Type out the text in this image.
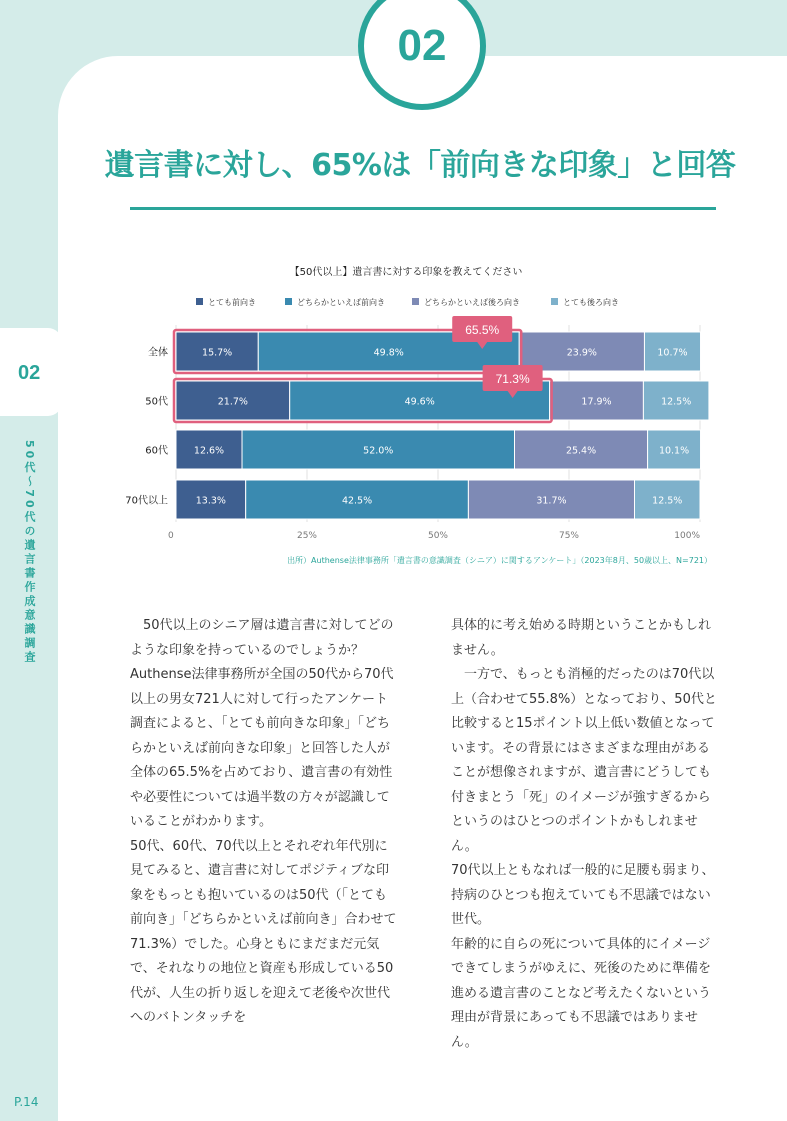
02
50代〜70代の遺言書作成意識調査
P.14
02
遺言書に対し、65%は「前向きな印象」と回答
【50代以上】遺言書に対する印象を教えてください
とても前向き	どちらかといえば前向き	どちらかといえば後ろ向き	とても後ろ向き
全体	15.7%	49.8%	23.9%	10.7%
50代	21.7%	49.6%	17.9%	12.5%
60代	12.6%	52.0%	25.4%	10.1%
70代以上	13.3%	42.5%	31.7%	12.5%
65.5%
71.3%
0	25%	50%	75%	100%
出所）Authense法律事務所「遺言書の意識調査（シニア）に関するアンケート」（2023年8月、50歳以上、N=721）

50代以上のシニア層は遺言書に対してどのような印象を持っているのでしょうか？Authense法律事務所が全国の50代から70代以上の男女721人に対して行ったアンケート調査によると、「とても前向きな印象」「どちらかといえば前向きな印象」と回答した人が全体の65.5%を占めており、遺言書の有効性や必要性については過半数の方々が認識していることがわかります。

50代、60代、70代以上とそれぞれ年代別に見てみると、遺言書に対してポジティブな印象をもっとも抱いているのは50代（「とても前向き」「どちらかといえば前向き」合わせて71.3%）でした。心身ともにまだまだ元気で、それなりの地位と資産も形成している50代が、人生の折り返しを迎えて老後や次世代へのバトンタッチを

具体的に考え始める時期ということかもしれません。

一方で、もっとも消極的だったのは70代以上（合わせて55.8%）となっており、50代と比較すると15ポイント以上低い数値となっています。その背景にはさまざまな理由があることが想像されますが、遺言書にどうしても付きまとう「死」のイメージが強すぎるからというのはひとつのポイントかもしれません。

70代以上ともなれば一般的に足腰も弱まり、持病のひとつも抱えていても不思議ではない世代。

年齢的に自らの死について具体的にイメージできてしまうがゆえに、死後のために準備を進める遺言書のことなど考えたくないという理由が背景にあっても不思議ではありません。
